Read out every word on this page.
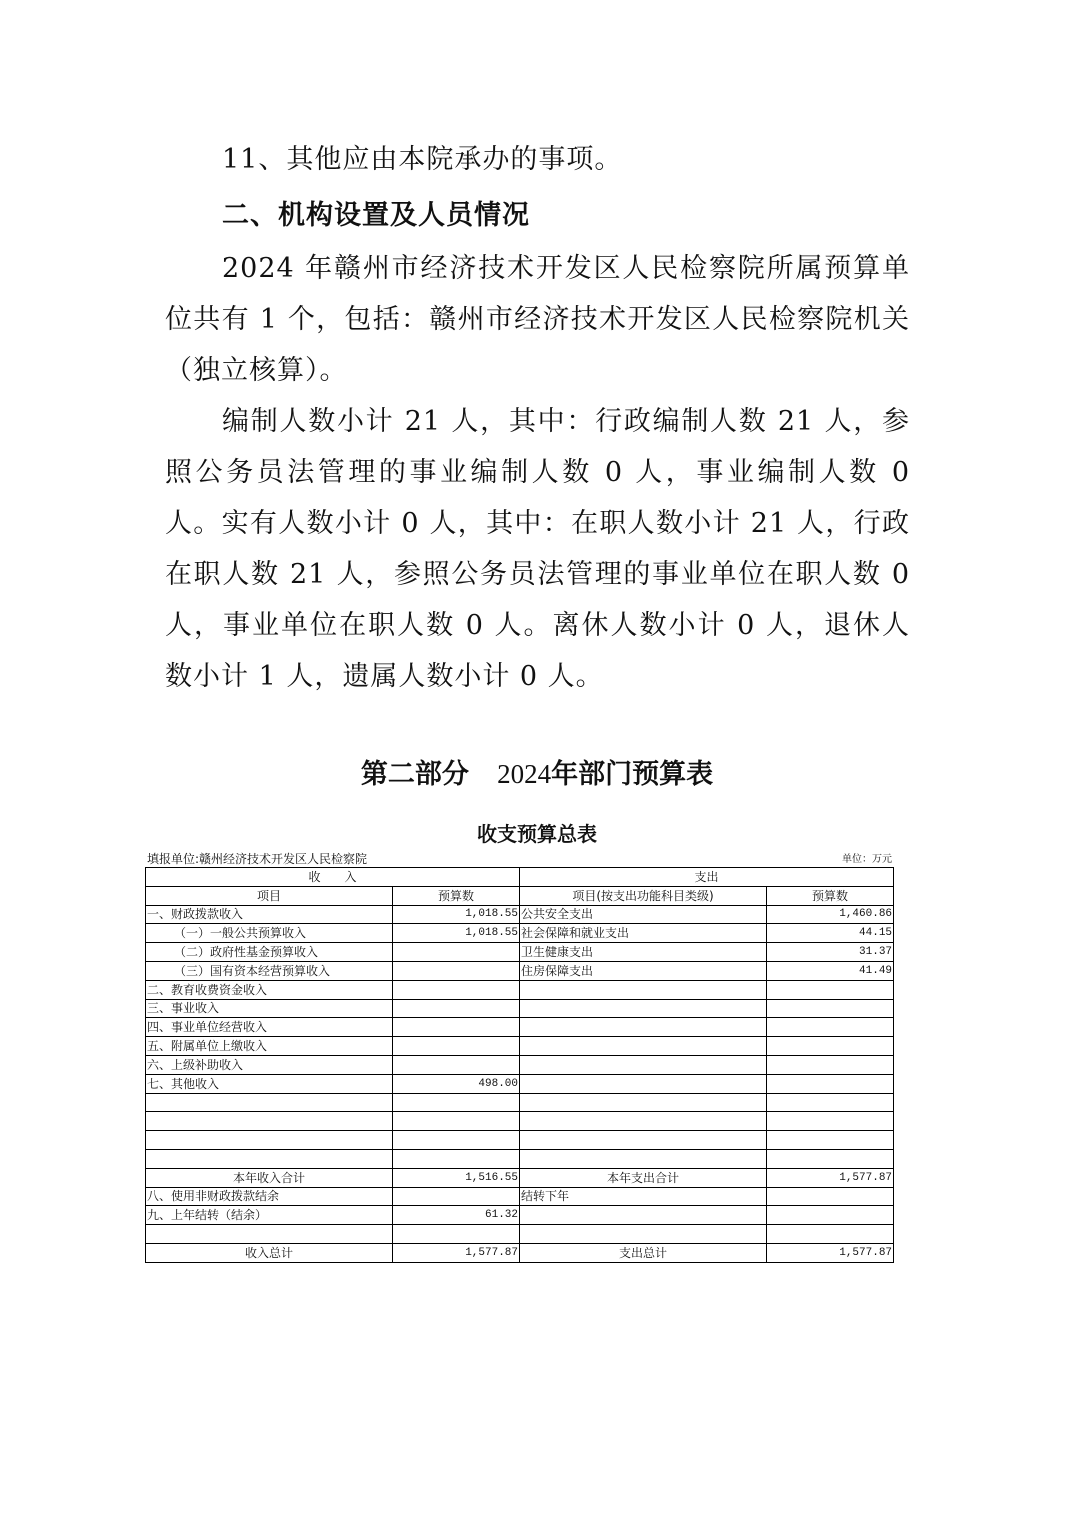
11、其他应由本院承办的事项。

二、机构设置及人员情况

2024 年赣州市经济技术开发区人民检察院所属预算单位共有 1 个，包括：赣州市经济技术开发区人民检察院机关（独立核算）。

编制人数小计 21 人，其中：行政编制人数 21 人，参照公务员法管理的事业编制人数 0 人，事业编制人数 0 人。实有人数小计 0 人，其中：在职人数小计 21 人，行政在职人数 21 人，参照公务员法管理的事业单位在职人数 0 人，事业单位在职人数 0 人。离休人数小计 0 人，退休人数小计 1 人，遗属人数小计 0 人。

第二部分 2024年部门预算表
收支预算总表
填报单位:赣州经济技术开发区人民检察院	单位：万元
收　　入		支出	
项目	预算数	项目(按支出功能科目类级)	预算数
一、财政拨款收入	1,018.55	公共安全支出	1,460.86
（一）一般公共预算收入	1,018.55	社会保障和就业支出	44.15
（二）政府性基金预算收入		卫生健康支出	31.37
（三）国有资本经营预算收入		住房保障支出	41.49
二、教育收费资金收入			
三、事业收入			
四、事业单位经营收入			
五、附属单位上缴收入			
六、上级补助收入			
七、其他收入	498.00		

本年收入合计	1,516.55	本年支出合计	1,577.87
八、使用非财政拨款结余		结转下年	
九、上年结转（结余）	61.32		

收入总计	1,577.87	支出总计	1,577.87
